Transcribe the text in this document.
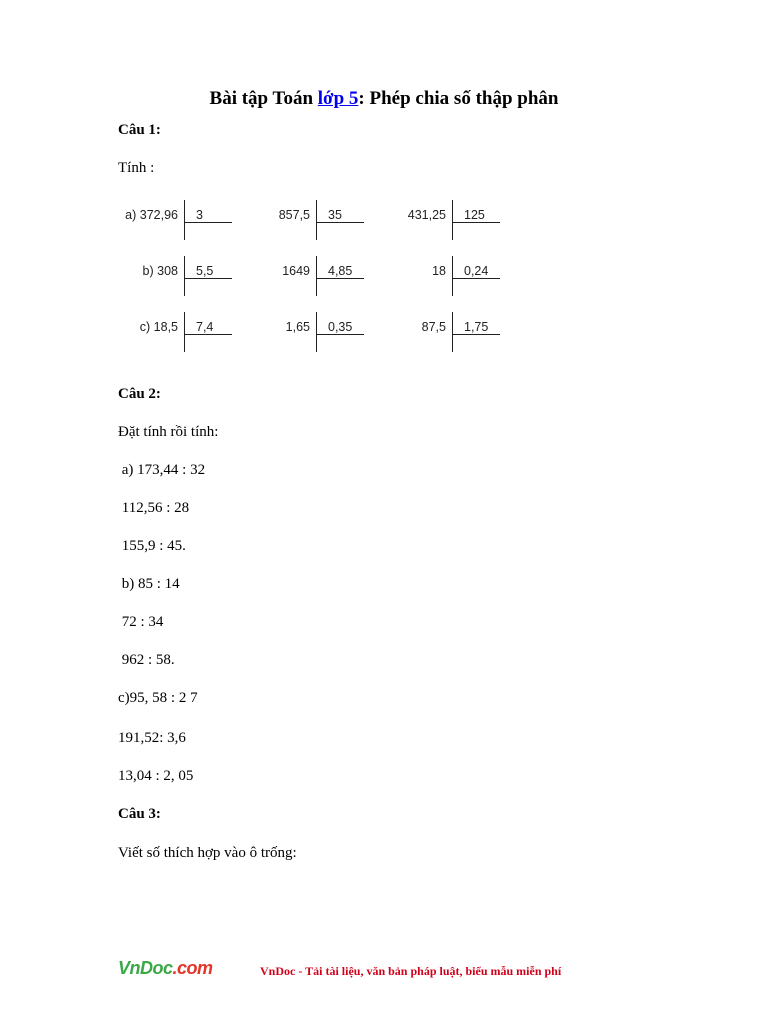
Bài tập Toán lớp 5: Phép chia số thập phân
Câu 1:
Tính :
a) 372,96 3	857,5 35	431,25 125
b) 308 5,5	1649 4,85	18 0,24
c) 18,5 7,4	1,65 0,35	87,5 1,75
Câu 2:
Đặt tính rồi tính:
a) 173,44 : 32
112,56 : 28
155,9 : 45.
b) 85 : 14
72 : 34
962 : 58.
c)95, 58 : 2 7
191,52: 3,6
13,04 : 2, 05
Câu 3:
Viết số thích hợp vào ô trống:
VnDoc.com	VnDoc - Tải tài liệu, văn bản pháp luật, biểu mẫu miễn phí
